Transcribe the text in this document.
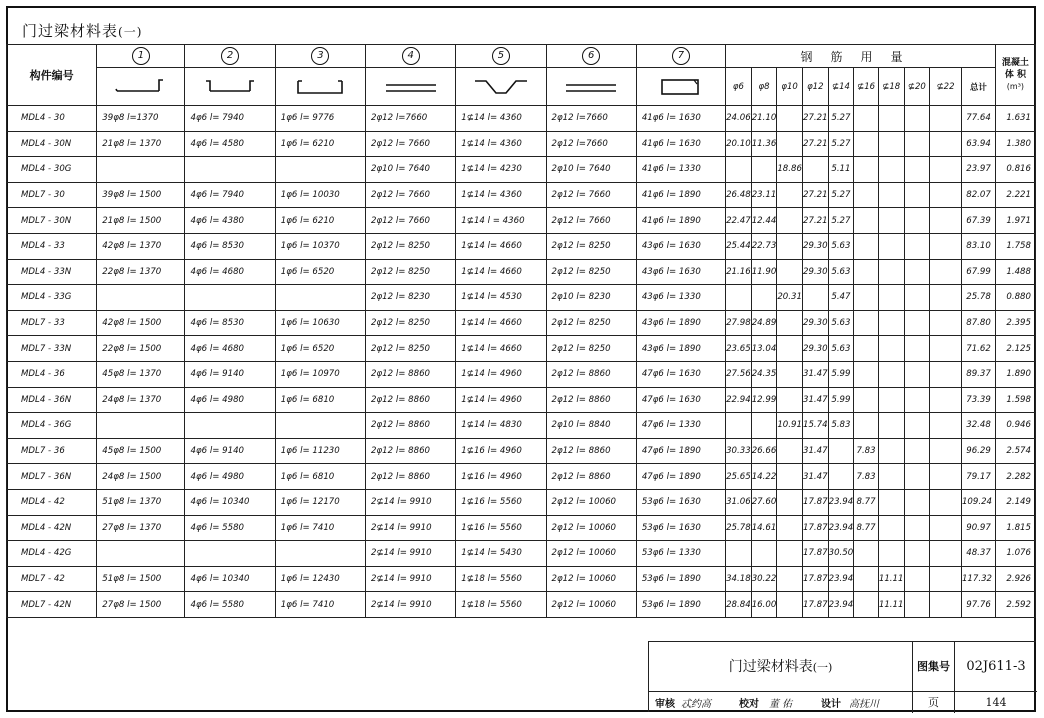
门过梁材料表(一)
构件编号	1	2	3	4	5	6	7	钢筋用量										混凝土
体 积
(m³)

	φ6	φ8	φ10	φ12	⊈14	⊈16	⊈18	⊈20	⊈22	总计	
MDL4 - 30	39φ8 l=1370	4φ6 l= 7940	1φ6 l= 9776	2φ12 l=7660	1⊈14 l= 4360	2φ12 l=7660	41φ6 l= 1630	24.06	21.10		27.21	5.27					77.64	1.631
MDL4 - 30N	21φ8 l= 1370	4φ6 l= 4580	1φ6 l= 6210	2φ12 l= 7660	1⊈14 l= 4360	2φ12 l=7660	41φ6 l= 1630	20.10	11.36		27.21	5.27					63.94	1.380
MDL4 - 30G				2φ10 l= 7640	1⊈14 l= 4230	2φ10 l= 7640	41φ6 l= 1330			18.86		5.11					23.97	0.816
MDL7 - 30	39φ8 l= 1500	4φ6 l= 7940	1φ6 l= 10030	2φ12 l= 7660	1⊈14 l= 4360	2φ12 l= 7660	41φ6 l= 1890	26.48	23.11		27.21	5.27					82.07	2.221
MDL7 - 30N	21φ8 l= 1500	4φ6 l= 4380	1φ6 l= 6210	2φ12 l= 7660	1⊈14 l = 4360	2φ12 l= 7660	41φ6 l= 1890	22.47	12.44		27.21	5.27					67.39	1.971
MDL4 - 33	42φ8 l= 1370	4φ6 l= 8530	1φ6 l= 10370	2φ12 l= 8250	1⊈14 l= 4660	2φ12 l= 8250	43φ6 l= 1630	25.44	22.73		29.30	5.63					83.10	1.758
MDL4 - 33N	22φ8 l= 1370	4φ6 l= 4680	1φ6 l= 6520	2φ12 l= 8250	1⊈14 l= 4660	2φ12 l= 8250	43φ6 l= 1630	21.16	11.90		29.30	5.63					67.99	1.488
MDL4 - 33G				2φ12 l= 8230	1⊈14 l= 4530	2φ10 l= 8230	43φ6 l= 1330			20.31		5.47					25.78	0.880
MDL7 - 33	42φ8 l= 1500	4φ6 l= 8530	1φ6 l= 10630	2φ12 l= 8250	1⊈14 l= 4660	2φ12 l= 8250	43φ6 l= 1890	27.98	24.89		29.30	5.63					87.80	2.395
MDL7 - 33N	22φ8 l= 1500	4φ6 l= 4680	1φ6 l= 6520	2φ12 l= 8250	1⊈14 l= 4660	2φ12 l= 8250	43φ6 l= 1890	23.65	13.04		29.30	5.63					71.62	2.125
MDL4 - 36	45φ8 l= 1370	4φ6 l= 9140	1φ6 l= 10970	2φ12 l= 8860	1⊈14 l= 4960	2φ12 l= 8860	47φ6 l= 1630	27.56	24.35		31.47	5.99					89.37	1.890
MDL4 - 36N	24φ8 l= 1370	4φ6 l= 4980	1φ6 l= 6810	2φ12 l= 8860	1⊈14 l= 4960	2φ12 l= 8860	47φ6 l= 1630	22.94	12.99		31.47	5.99					73.39	1.598
MDL4 - 36G				2φ12 l= 8860	1⊈14 l= 4830	2φ10 l= 8840	47φ6 l= 1330			10.91	15.74	5.83					32.48	0.946
MDL7 - 36	45φ8 l= 1500	4φ6 l= 9140	1φ6 l= 11230	2φ12 l= 8860	1⊈16 l= 4960	2φ12 l= 8860	47φ6 l= 1890	30.33	26.66		31.47		7.83				96.29	2.574
MDL7 - 36N	24φ8 l= 1500	4φ6 l= 4980	1φ6 l= 6810	2φ12 l= 8860	1⊈16 l= 4960	2φ12 l= 8860	47φ6 l= 1890	25.65	14.22		31.47		7.83				79.17	2.282
MDL4 - 42	51φ8 l= 1370	4φ6 l= 10340	1φ6 l= 12170	2⊈14 l= 9910	1⊈16 l= 5560	2φ12 l= 10060	53φ6 l= 1630	31.06	27.60		17.87	23.94	8.77				109.24	2.149
MDL4 - 42N	27φ8 l= 1370	4φ6 l= 5580	1φ6 l= 7410	2⊈14 l= 9910	1⊈16 l= 5560	2φ12 l= 10060	53φ6 l= 1630	25.78	14.61		17.87	23.94	8.77				90.97	1.815
MDL4 - 42G				2⊈14 l= 9910	1⊈14 l= 5430	2φ12 l= 10060	53φ6 l= 1330				17.87	30.50					48.37	1.076
MDL7 - 42	51φ8 l= 1500	4φ6 l= 10340	1φ6 l= 12430	2⊈14 l= 9910	1⊈18 l= 5560	2φ12 l= 10060	53φ6 l= 1890	34.18	30.22		17.87	23.94		11.11			117.32	2.926
MDL7 - 42N	27φ8 l= 1500	4φ6 l= 5580	1φ6 l= 7410	2⊈14 l= 9910	1⊈18 l= 5560	2φ12 l= 10060	53φ6 l= 1890	28.84	16.00		17.87	23.94		11.11			97.76	2.592
门过梁材料表(一)	图集号	02J611-3
审核 忒约高	校对 董 佑	设计 高抚川	页	144
